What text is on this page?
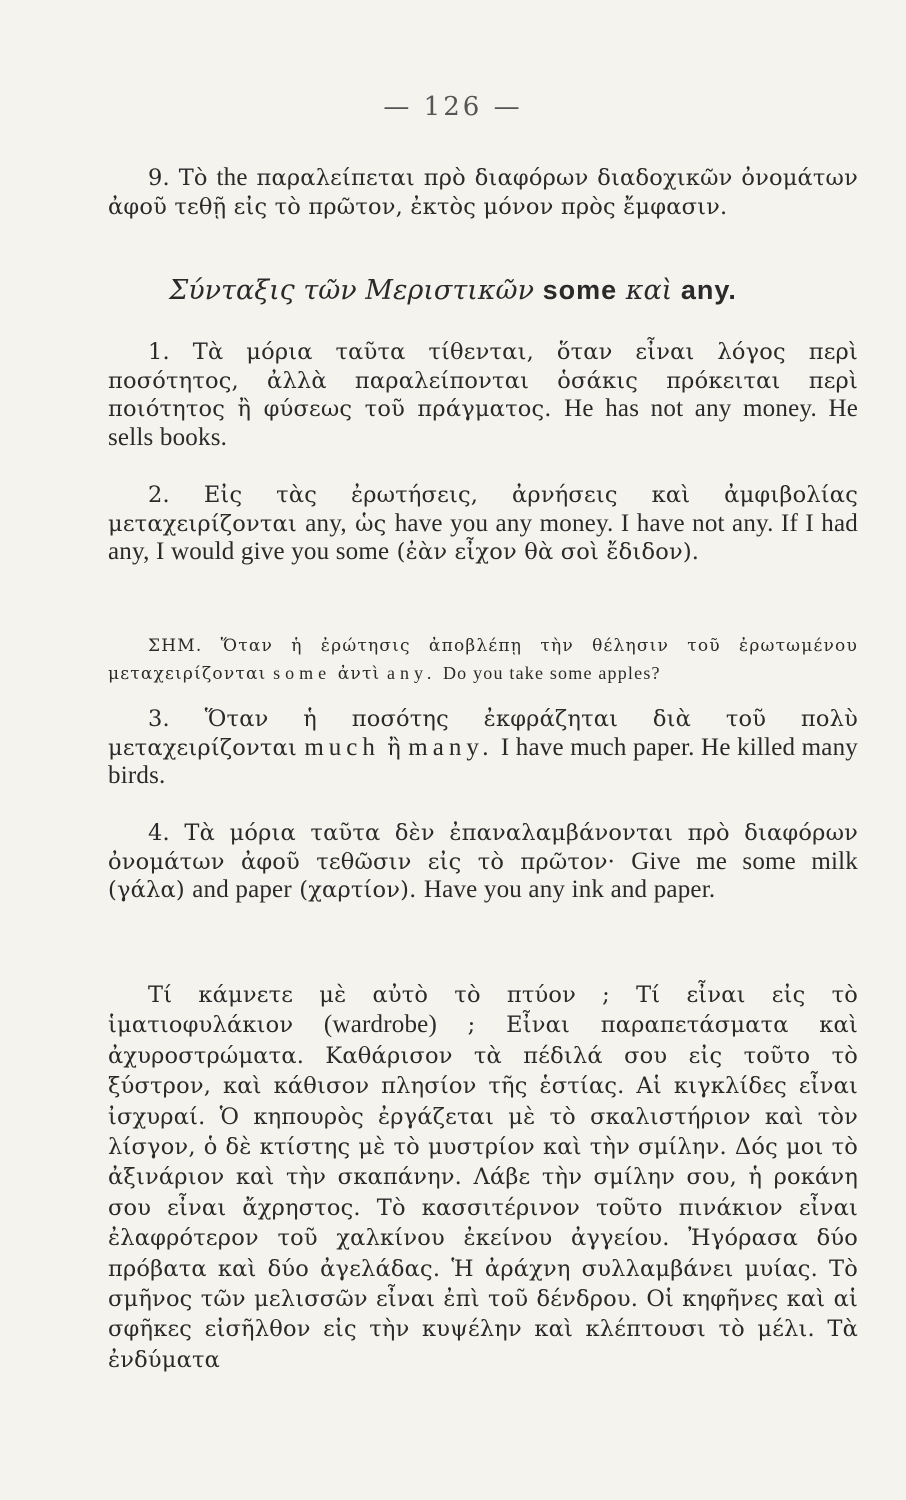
— 126 —
9. Τὸ the παραλείπεται πρὸ διαφόρων διαδοχικῶν ὀνομάτων ἀφοῦ τεθῇ εἰς τὸ πρῶτον, ἐκτὸς μόνον πρὸς ἔμφασιν.
Σύνταξις τῶν Μεριστικῶν some καὶ any.
1. Τὰ μόρια ταῦτα τίθενται, ὅταν εἶναι λόγος περὶ ποσότητος, ἀλλὰ παραλείπονται ὁσάκις πρόκειται περὶ ποιότητος ἢ φύσεως τοῦ πράγματος. He has not any money. He sells books.
2. Εἰς τὰς ἐρωτήσεις, ἀρνήσεις καὶ ἀμφιβολίας μεταχειρίζονται any, ὡς have you any money. I have not any. If I had any, I would give you some (ἐὰν εἶχον θὰ σοὶ ἔδιδον).
ΣΗΜ. Ὅταν ἡ ἐρώτησις ἀποβλέπῃ τὴν θέλησιν τοῦ ἐρωτωμένου μεταχειρίζονται some ἀντὶ any. Do you take some apples?
3. Ὅταν ἡ ποσότης ἐκφράζηται διὰ τοῦ πολὺ μεταχειρίζονται much ἢ many. I have much paper. He killed many birds.
4. Τὰ μόρια ταῦτα δὲν ἐπαναλαμβάνονται πρὸ διαφόρων ὀνομάτων ἀφοῦ τεθῶσιν εἰς τὸ πρῶτον· Give me some milk (γάλα) and paper (χαρτίον). Have you any ink and paper.
Τί κάμνετε μὲ αὐτὸ τὸ πτύον ; Τί εἶναι εἰς τὸ ἱματιοφυλάκιον (wardrobe) ; Εἶναι παραπετάσματα καὶ ἀχυροστρώματα. Καθάρισον τὰ πέδιλά σου εἰς τοῦτο τὸ ξύστρον, καὶ κάθισον πλησίον τῆς ἑστίας. Αἱ κιγκλίδες εἶναι ἰσχυραί. Ὁ κηπουρὸς ἐργάζεται μὲ τὸ σκαλιστήριον καὶ τὸν λίσγον, ὁ δὲ κτίστης μὲ τὸ μυστρίον καὶ τὴν σμίλην. Δός μοι τὸ ἀξινάριον καὶ τὴν σκαπάνην. Λάβε τὴν σμίλην σου, ἡ ροκάνη σου εἶναι ἄχρηστος. Τὸ κασσιτέρινον τοῦτο πινάκιον εἶναι ἐλαφρότερον τοῦ χαλκίνου ἐκείνου ἀγγείου. Ἠγόρασα δύο πρόβατα καὶ δύο ἀγελάδας. Ἡ ἀράχνη συλλαμβάνει μυίας. Τὸ σμῆνος τῶν μελισσῶν εἶναι ἐπὶ τοῦ δένδρου. Οἱ κηφῆνες καὶ αἱ σφῆκες εἰσῆλθον εἰς τὴν κυψέλην καὶ κλέπτουσι τὸ μέλι. Τὰ ἐνδύματα
